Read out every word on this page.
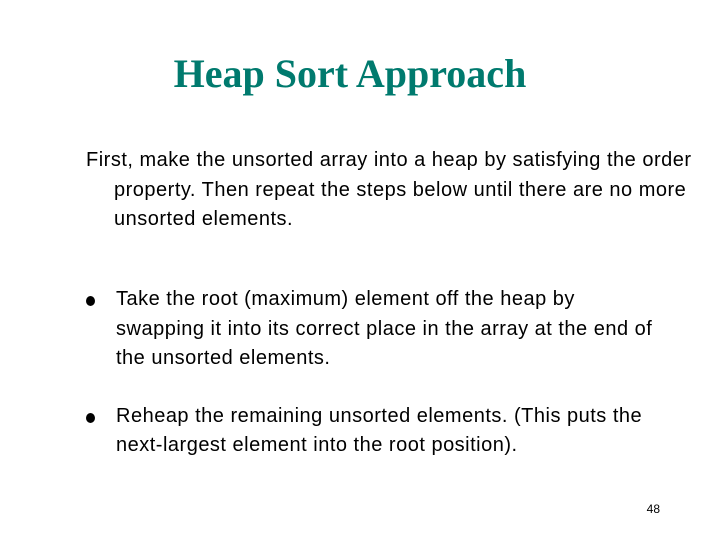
Heap Sort Approach

First, make the unsorted array into a heap by satisfying the order property. Then repeat the steps below until there are no more unsorted elements.

Take the root (maximum) element off the heap by swapping it into its correct place in the array at the end of the unsorted elements.
Reheap the remaining unsorted elements. (This puts the next-largest element into the root position).
48
